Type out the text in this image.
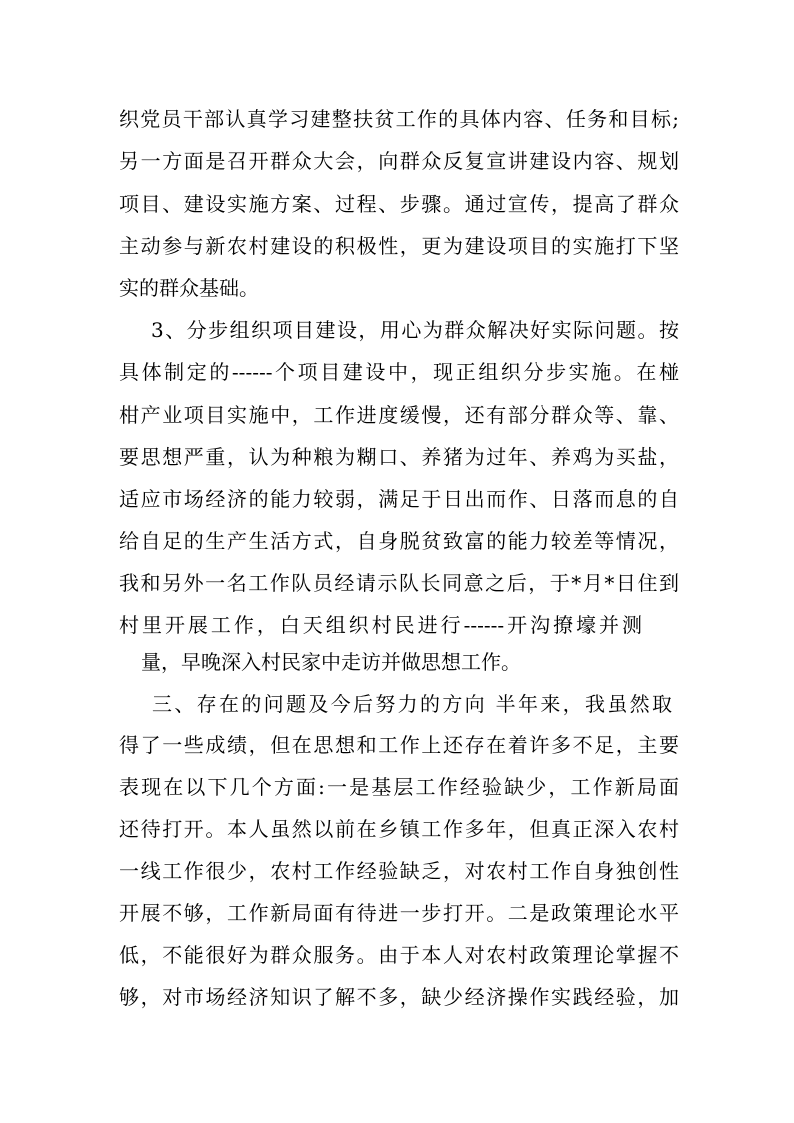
织党员干部认真学习建整扶贫工作的具体内容、任务和目标;
另一方面是召开群众大会，向群众反复宣讲建设内容、规划
项目、建设实施方案、过程、步骤。通过宣传，提高了群众
主动参与新农村建设的积极性，更为建设项目的实施打下坚
实的群众基础。
3、分步组织项目建设，用心为群众解决好实际问题。按
具体制定的------个项目建设中，现正组织分步实施。在椪
柑产业项目实施中，工作进度缓慢，还有部分群众等、靠、
要思想严重，认为种粮为糊口、养猪为过年、养鸡为买盐，
适应市场经济的能力较弱，满足于日出而作、日落而息的自
给自足的生产生活方式，自身脱贫致富的能力较差等情况，
我和另外一名工作队员经请示队长同意之后，于*月*日住到
村里开展工作，白天组织村民进行------开沟撩壕并测
量，早晚深入村民家中走访并做思想工作。
三、存在的问题及今后努力的方向 半年来，我虽然取
得了一些成绩，但在思想和工作上还存在着许多不足，主要
表现在以下几个方面:一是基层工作经验缺少，工作新局面
还待打开。本人虽然以前在乡镇工作多年，但真正深入农村
一线工作很少，农村工作经验缺乏，对农村工作自身独创性
开展不够，工作新局面有待进一步打开。二是政策理论水平
低，不能很好为群众服务。由于本人对农村政策理论掌握不
够，对市场经济知识了解不多，缺少经济操作实践经验，加
